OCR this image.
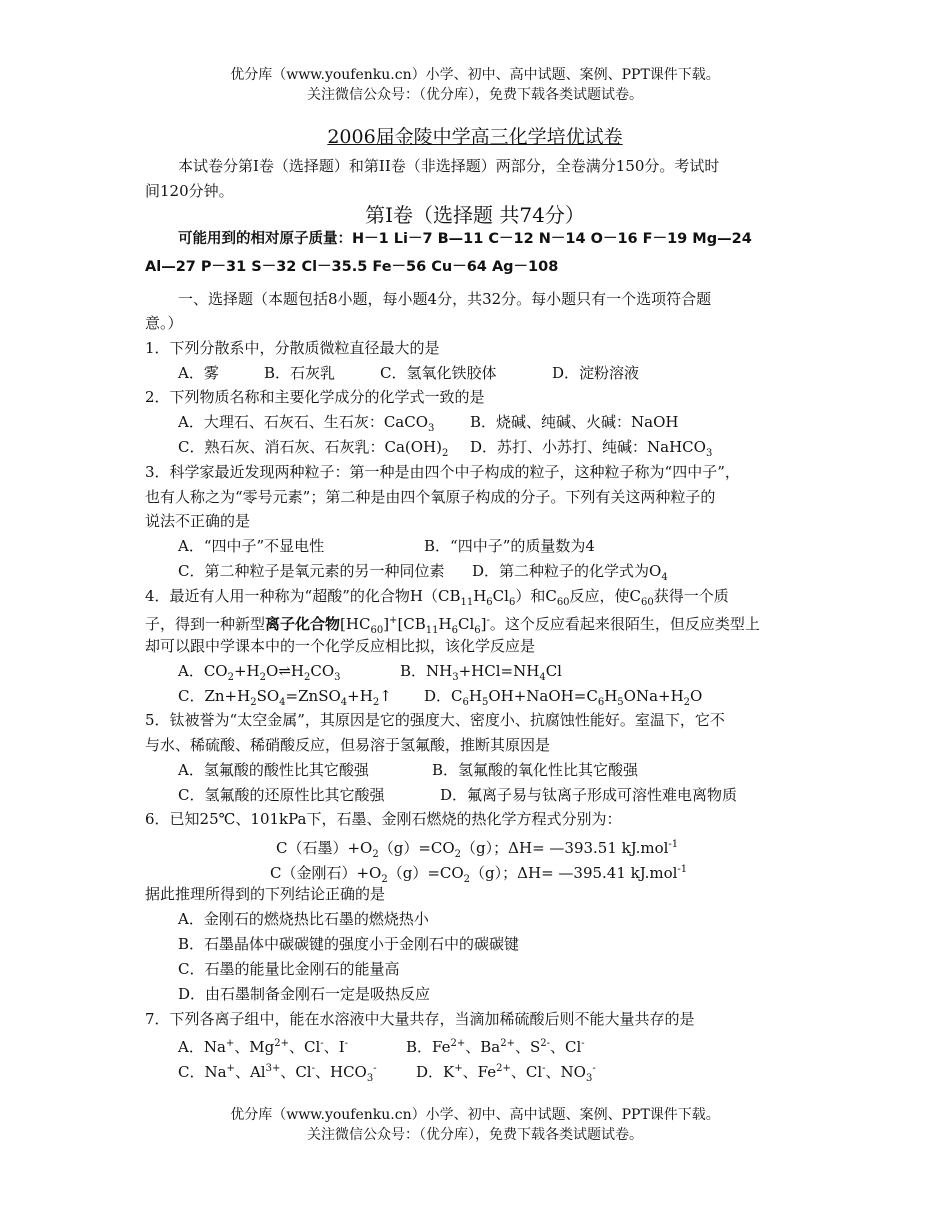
优分库（www.youfenku.cn）小学、初中、高中试题、案例、PPT课件下载。
关注微信公众号：（优分库），免费下载各类试题试卷。
2006届金陵中学高三化学培优试卷
本试卷分第I卷（选择题）和第II卷（非选择题）两部分，全卷满分150分。考试时
间120分钟。
第Ⅰ卷（选择题 共74分）
可能用到的相对原子质量：H－1 Li－7 B—11 C－12 N－14 O－16 F－19 Mg—24
Al—27 P－31 S－32 Cl－35.5 Fe－56 Cu－64 Ag－108
一、选择题（本题包括8小题，每小题4分，共32分。每小题只有一个选项符合题
意。）
1．下列分散系中，分散质微粒直径最大的是
A．雾	B．石灰乳	C．氢氧化铁胶体	D．淀粉溶液
2．下列物质名称和主要化学成分的化学式一致的是
A．大理石、石灰石、生石灰：CaCO$_3$ B．烧碱、纯碱、火碱：NaOH
C．熟石灰、消石灰、石灰乳：$Ca(OH)_2$ D．苏打、小苏打、纯碱：NaHCO$_3$
3．科学家最近发现两种粒子：第一种是由四个中子构成的粒子，这种粒子称为“四中子”，
也有人称之为“零号元素”；第二种是由四个氧原子构成的分子。下列有关这两种粒子的
说法不正确的是
A．“四中子”不显电性	B．“四中子”的质量数为4
C．第二种粒子是氧元素的另一种同位素 D．第二种粒子的化学式为$O_4$
4．最近有人用一种称为“超酸”的化合物$H(CB_{11}H_6Cl_6)$和$C_{60}$反应，使$C_{60}$获得一个质
子，得到一种新型离子化合物$[HC_{60}]^+[CB_{11}H_6Cl_6]^-$。这个反应看起来很陌生，但反应类型上
却可以跟中学课本中的一个化学反应相比拟，该化学反应是
A．$CO_2+H_2O\rightleftharpoons H_2CO_3$	B．$NH_3+HCl=NH_4Cl$
C．$Zn+H_2SO_4=ZnSO_4+H_2↑$ D．$C_6H_5OH+NaOH=C_6H_5ONa+H_2O$
5．钛被誉为“太空金属”，其原因是它的强度大、密度小、抗腐蚀性能好。室温下，它不
与水、稀硫酸、稀硝酸反应，但易溶于氢氟酸，推断其原因是
A．氢氟酸的酸性比其它酸强	B．氢氟酸的氧化性比其它酸强
C．氢氟酸的还原性比其它酸强	D．氟离子易与钛离子形成可溶性难电离物质
6．已知25℃、101kPa下，石墨、金刚石燃烧的热化学方程式分别为：
C（石墨）$+O_2(g)=CO_2(g)$；ΔH= —393.51 kJ.mol$^{-1}$
C（金刚石）$+O_2(g)=CO_2(g)$；ΔH= —395.41 kJ.mol$^{-1}$
据此推理所得到的下列结论正确的是
A．金刚石的燃烧热比石墨的燃烧热小
B．石墨晶体中碳碳键的强度小于金刚石中的碳碳键
C．石墨的能量比金刚石的能量高
D．由石墨制备金刚石一定是吸热反应
7．下列各离子组中，能在水溶液中大量共存，当滴加稀硫酸后则不能大量共存的是
A．Na+、$Mg^{2+}$、Cl-、I-	B．$Fe^{2+}$、$Ba^{2+}$、$S^{2-}$、Cl-
C．Na+、$Al^{3+}$、Cl-、$HCO_3^-$	D．K+、$Fe^{2+}$、Cl-、$NO_3^-$
优分库（www.youfenku.cn）小学、初中、高中试题、案例、PPT课件下载。
关注微信公众号：（优分库），免费下载各类试题试卷。
